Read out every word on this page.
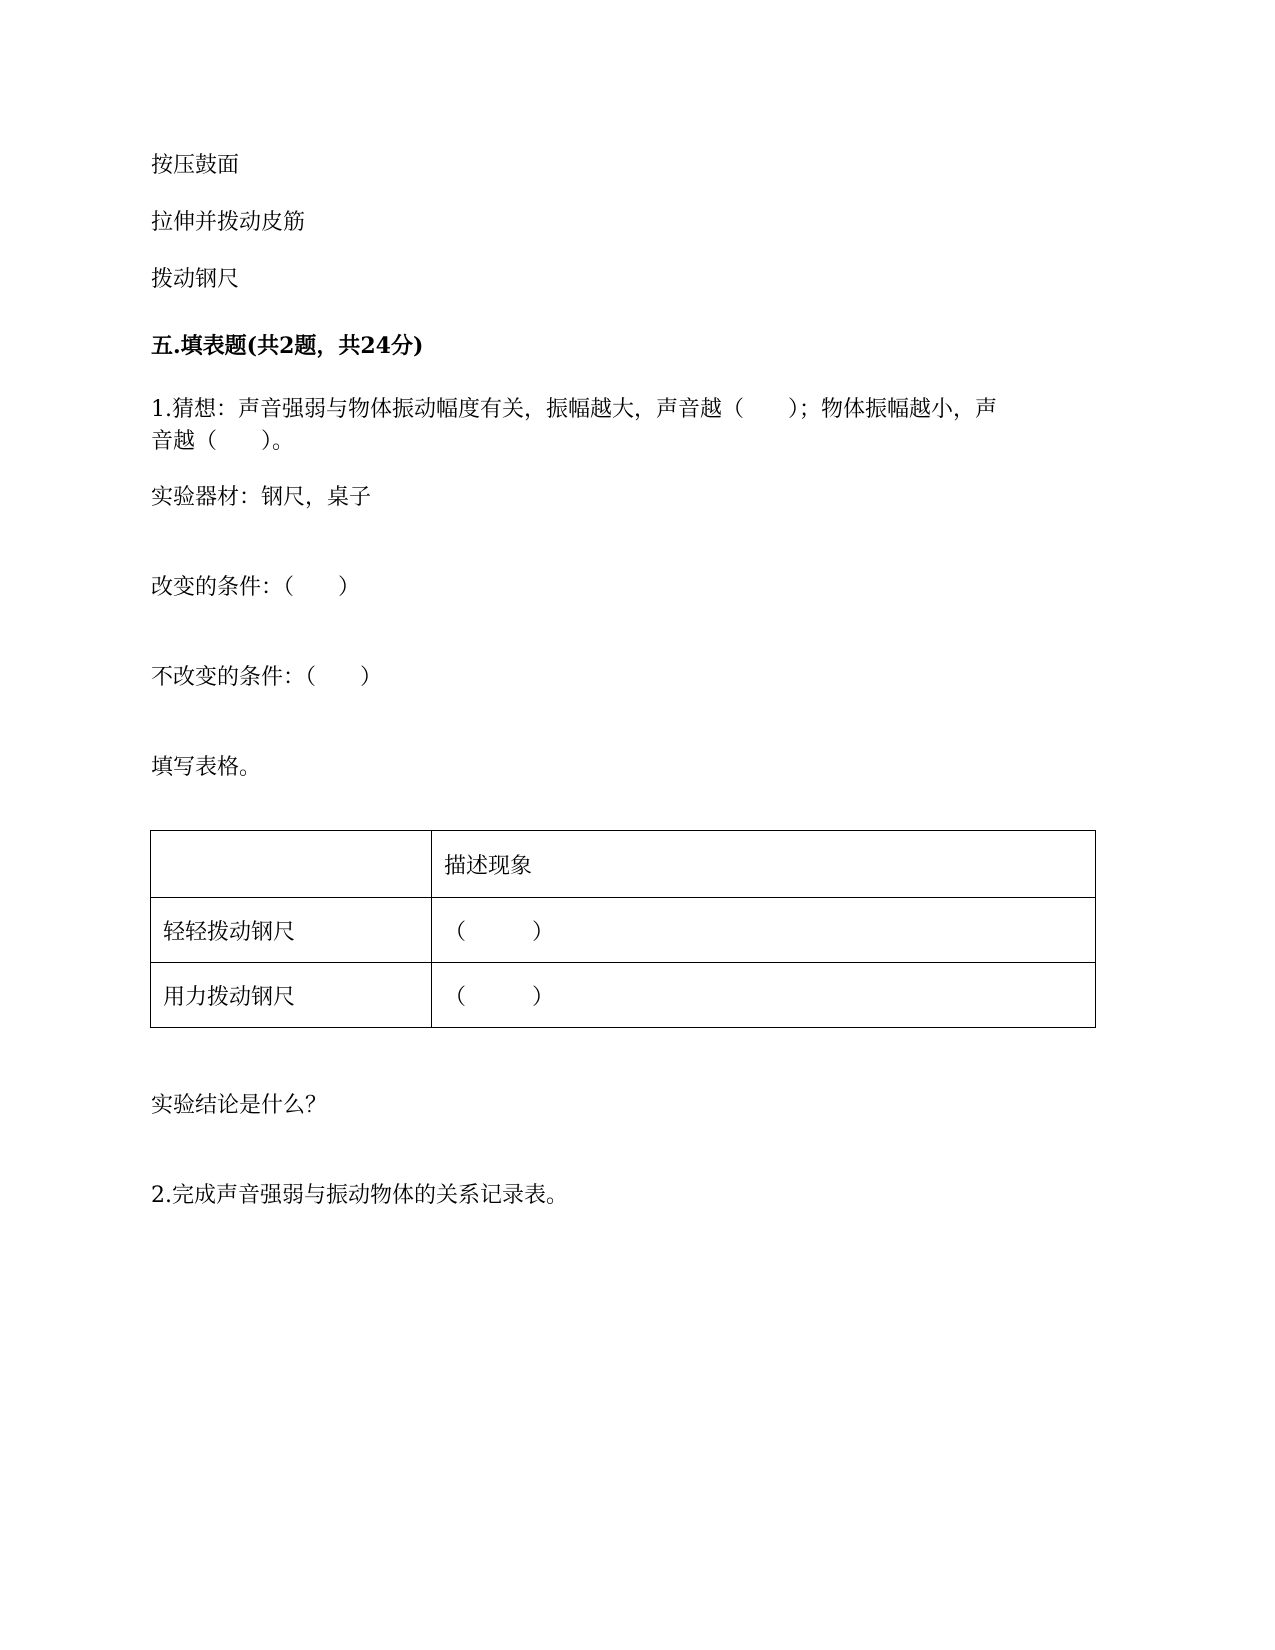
按压鼓面
拉伸并拨动皮筋
拨动钢尺
五.填表题(共2题，共24分)
1.猜想：声音强弱与物体振动幅度有关，振幅越大，声音越（　　）；物体振幅越小，声
音越（　　）。
实验器材：钢尺，桌子
改变的条件：（　　）
不改变的条件：（　　）
填写表格。
	描述现象
轻轻拨动钢尺	（　　　）
用力拨动钢尺	（　　　）
实验结论是什么？
2.完成声音强弱与振动物体的关系记录表。
